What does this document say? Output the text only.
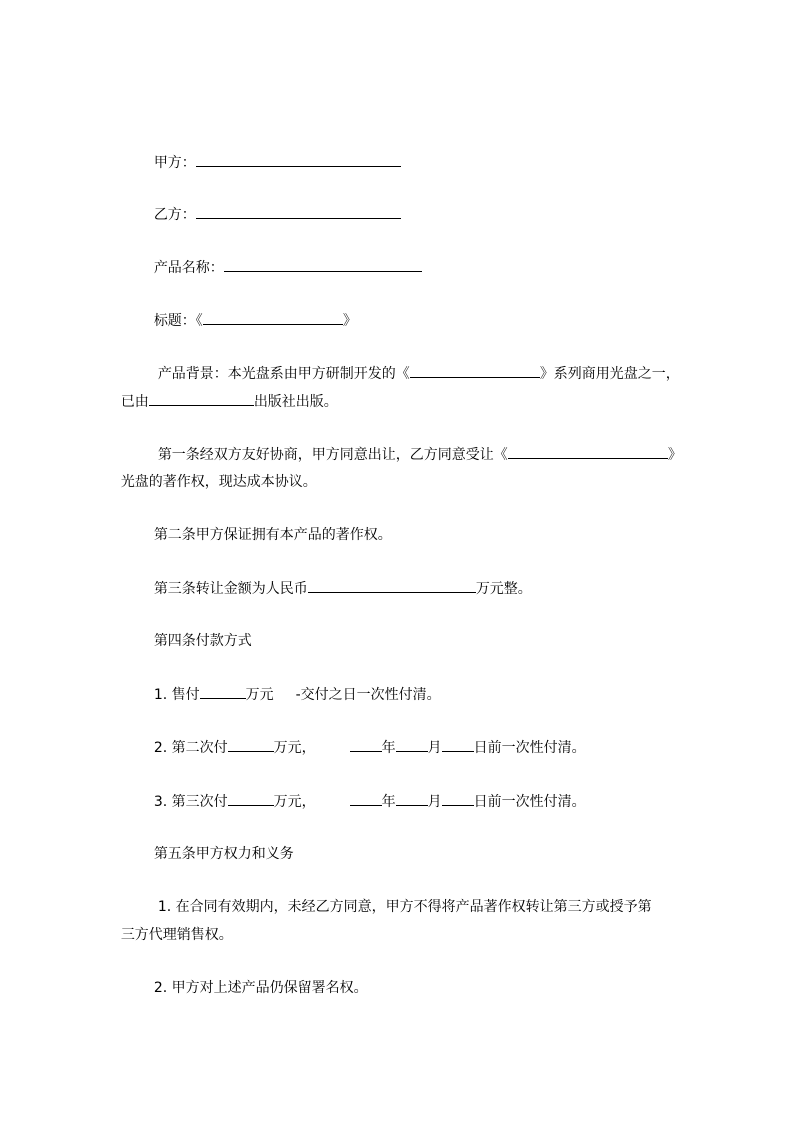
甲方：

乙方：

产品名称：

标题：《	》

产品背景：本光盘系由甲方研制开发的《	》系列商用光盘之一，

已由	出版社出版。

第一条经双方友好协商，甲方同意出让，乙方同意受让《	》

光盘的著作权，现达成本协议。

第二条甲方保证拥有本产品的著作权。

第三条转让金额为人民币	万元整。

第四条付款方式

1. 售付	万元 -交付之日一次性付清。

2. 第二次付	万元，	年 月 日前一次性付清。

3. 第三次付	万元，	年 月 日前一次性付清。

第五条甲方权力和义务

1. 在合同有效期内，未经乙方同意，甲方不得将产品著作权转让第三方或授予第

三方代理销售权。

2. 甲方对上述产品仍保留署名权。
